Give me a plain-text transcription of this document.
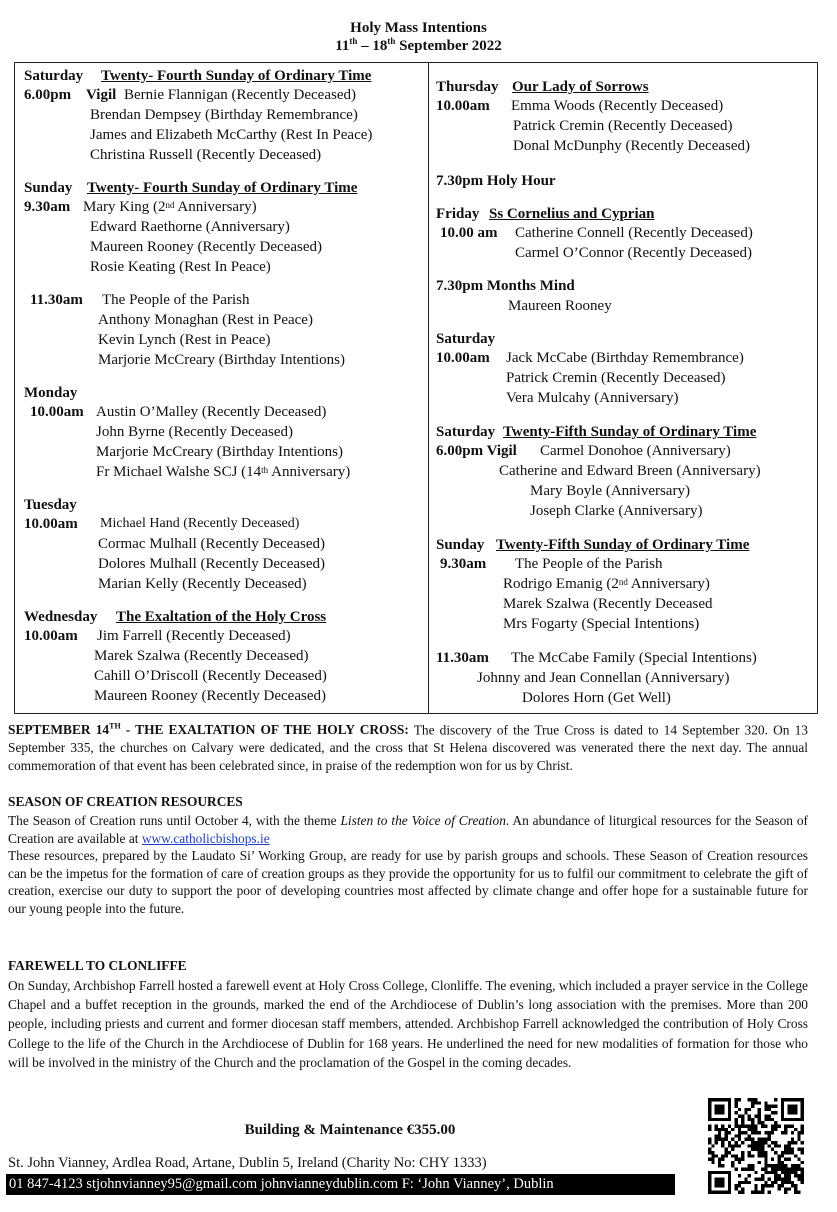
Holy Mass Intentions
11th – 18th September 2022
Saturday Twenty- Fourth Sunday of Ordinary Time
6.00pm Vigil Bernie Flannigan (Recently Deceased)
Brendan Dempsey (Birthday Remembrance)
James and Elizabeth McCarthy (Rest In Peace)
Christina Russell (Recently Deceased)
Sunday Twenty- Fourth Sunday of Ordinary Time
9.30am Mary King (2nd Anniversary)
Edward Raethorne (Anniversary)
Maureen Rooney (Recently Deceased)
Rosie Keating (Rest In Peace)
11.30am The People of the Parish
Anthony Monaghan (Rest in Peace)
Kevin Lynch (Rest in Peace)
Marjorie McCreary (Birthday Intentions)
Monday
10.00am Austin O’Malley (Recently Deceased)
John Byrne (Recently Deceased)
Marjorie McCreary (Birthday Intentions)
Fr Michael Walshe SCJ (14th Anniversary)
Tuesday
10.00am Michael Hand (Recently Deceased)
Cormac Mulhall (Recently Deceased)
Dolores Mulhall (Recently Deceased)
Marian Kelly (Recently Deceased)
Wednesday The Exaltation of the Holy Cross
10.00am Jim Farrell (Recently Deceased)
Marek Szalwa (Recently Deceased)
Cahill O’Driscoll (Recently Deceased)
Maureen Rooney (Recently Deceased)
Thursday Our Lady of Sorrows
10.00am Emma Woods (Recently Deceased)
Patrick Cremin (Recently Deceased)
Donal McDunphy (Recently Deceased)
7.30pm Holy Hour
Friday Ss Cornelius and Cyprian
10.00 am Catherine Connell (Recently Deceased)
Carmel O’Connor (Recently Deceased)
7.30pm Months Mind
Maureen Rooney
Saturday
10.00am Jack McCabe (Birthday Remembrance)
Patrick Cremin (Recently Deceased)
Vera Mulcahy (Anniversary)
Saturday Twenty-Fifth Sunday of Ordinary Time
6.00pm Vigil Carmel Donohoe (Anniversary)
Catherine and Edward Breen (Anniversary)
Mary Boyle (Anniversary)
Joseph Clarke (Anniversary)
Sunday Twenty-Fifth Sunday of Ordinary Time
9.30am The People of the Parish
Rodrigo Emanig (2nd Anniversary)
Marek Szalwa (Recently Deceased
Mrs Fogarty (Special Intentions)
11.30am The McCabe Family (Special Intentions)
Johnny and Jean Connellan (Anniversary)
Dolores Horn (Get Well)
SEPTEMBER 14TH - THE EXALTATION OF THE HOLY CROSS: The discovery of the True Cross is dated to 14 September 320. On 13 September 335, the churches on Calvary were dedicated, and the cross that St Helena discovered was venerated there the next day. The annual commemoration of that event has been celebrated since, in praise of the redemption won for us by Christ.
SEASON OF CREATION RESOURCES
The Season of Creation runs until October 4, with the theme Listen to the Voice of Creation. An abundance of liturgical resources for the Season of Creation are available at www.catholicbishops.ie
These resources, prepared by the Laudato Si’ Working Group, are ready for use by parish groups and schools. These Season of Creation resources can be the impetus for the formation of care of creation groups as they provide the opportunity for us to fulfil our commitment to celebrate the gift of creation, exercise our duty to support the poor of developing countries most affected by climate change and offer hope for a sustainable future for our young people into the future.
FAREWELL TO CLONLIFFE
On Sunday, Archbishop Farrell hosted a farewell event at Holy Cross College, Clonliffe. The evening, which included a prayer service in the College Chapel and a buffet reception in the grounds, marked the end of the Archdiocese of Dublin’s long association with the premises. More than 200 people, including priests and current and former diocesan staff members, attended. Archbishop Farrell acknowledged the contribution of Holy Cross College to the life of the Church in the Archdiocese of Dublin for 168 years. He underlined the need for new modalities of formation for those who will be involved in the ministry of the Church and the proclamation of the Gospel in the coming decades.
Building & Maintenance €355.00
St. John Vianney, Ardlea Road, Artane, Dublin 5, Ireland (Charity No: CHY 1333)
01 847-4123 stjohnvianney95@gmail.com johnvianneydublin.com F: ‘John Vianney’, Dublin
